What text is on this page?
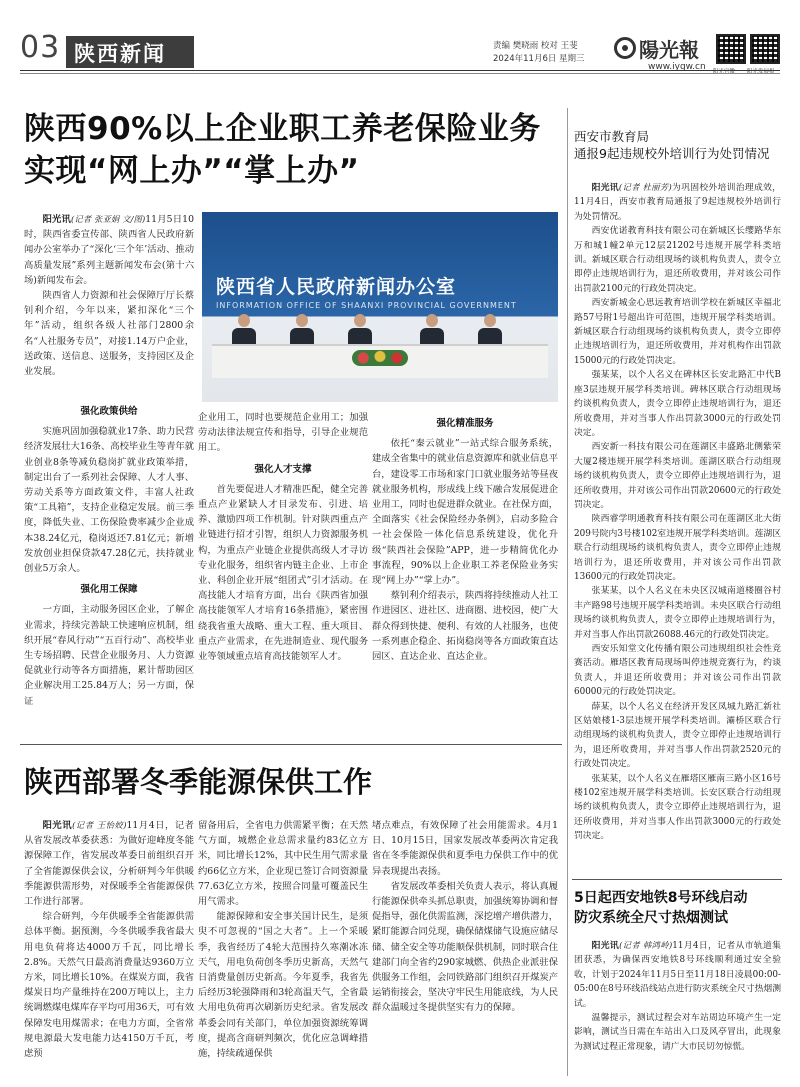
03 陕西新闻	责编 樊晓雨 校对 王斐
2024年11月6日 星期三	陽光報
www.iygw.cn 阳光官微 阳光发展报
陕西90%以上企业职工养老保险业务
实现“网上办”“掌上办”
陕西省人民政府新闻办公室
INFORMATION OFFICE OF SHAANXI PROVINCIAL GOVERNMENT

阳光讯(记者 张亚娟 文/图)11月5日10时，陕西省委宣传部、陕西省人民政府新闻办公室举办了“深化‘三个年’活动、推动高质量发展”系列主题新闻发布会(第十六场)新闻发布会。

陕西省人力资源和社会保障厅厅长蔡钊利介绍，今年以来，紧扣深化“三个年”活动，组织各级人社部门2800余名“人社服务专员”，对接1.14万户企业，送政策、送信息、送服务，支持园区及企业发展。

强化政策供给

实施巩固加强稳就业17条、助力民营经济发展壮大16条、高校毕业生等青年就业创业8条等减负稳岗扩就业政策举措，制定出台了一系列社会保障、人才人事、劳动关系等方面政策文件，丰富人社政策“工具箱”，支持企业稳定发展。前三季度，降低失业、工伤保险费率减少企业成本38.24亿元，稳岗返还7.81亿元；新增发放创业担保贷款47.28亿元，扶持就业创业5万余人。

强化用工保障

一方面，主动服务园区企业，了解企业需求，持续完善缺工快速响应机制，组织开展“春风行动”“五百行动”、高校毕业生专场招聘、民营企业服务月、人力资源促就业行动等各方面措施，累计帮助园区企业解决用工25.84万人；另一方面，保证

企业用工，同时也要规范企业用工；加强劳动法律法规宣传和指导，引导企业规范用工。

强化人才支撑

首先要促进人才精准匹配，健全完善重点产业紧缺人才目录发布、引进、培养、激励四项工作机制。针对陕西重点产业链进行招才引智，组织人力资源服务机构，为重点产业链企业提供高级人才寻访专业化服务，组织省内链主企业、上市企业、科创企业开展“组团式”引才活动。在高技能人才培育方面，出台《陕西省加强高技能领军人才培育16条措施》，紧密围绕我省重大战略、重大工程、重大项目、重点产业需求，在先进制造业、现代服务业等领域重点培育高技能领军人才。

强化精准服务

依托“秦云就业”一站式综合服务系统，建成全省集中的就业信息资源库和就业信息平台，建设零工市场和家门口就业服务站等昼夜就业服务机构，形成线上线下融合发展促进企业用工，同时也促进群众就业。在社保方面，全面落实《社会保险经办条例》，启动多险合一社会保险一体化信息系统建设，优化升级“陕西社会保险”APP，进一步精简优化办事流程，90%以上企业职工养老保险业务实现“网上办”“掌上办”。

蔡钊利介绍表示，陕西将持续推动人社工作进园区、进社区、进商圈、进校园，使广大群众得到快捷、便利、有效的人社服务，也使一系列惠企稳企、拓岗稳岗等各方面政策直达园区、直达企业、直达企业。

陕西部署冬季能源保供工作

阳光讯(记者 王怡姣)11月4日，记者从省发展改革委获悉：为做好迎峰度冬能源保障工作，省发展改革委日前组织召开了全省能源保供会议，分析研判今年供暖季能源供需形势，对保暖季全省能源保供工作进行部署。

综合研判，今年供暖季全省能源供需总体平衡。据预测，今冬供暖季我省最大用电负荷将达4000万千瓦，同比增长2.8%。天然气日最高消费量达9360万立方米，同比增长10%。在煤炭方面，我省煤炭日均产量维持在200万吨以上，主力统调燃煤电煤库存平均可用36天，可有效保障发电用煤需求；在电力方面，全省常规电源最大发电能力达4150万千瓦，考虑预

留备用后，全省电力供需紧平衡；在天然气方面，城燃企业总需求量约83亿立方米，同比增长12%，其中民生用气需求量约66亿立方米，企业现已签订合同资源量77.63亿立方米，按照合同量可覆盖民生用气需求。

能源保障和安全事关国计民生，是须臾不可忽视的“国之大者”。上一个采暖季，我省经历了4轮大范围持久寒潮冰冻天气，用电负荷创冬季历史新高，天然气日消费量创历史新高。今年夏季，我省先后经历3轮强降雨和3轮高温天气，全省最大用电负荷再次刷新历史纪录。省发展改革委会同有关部门，单位加强资源统筹调度，提高含商研判频次，优化应急调峰措施，持续疏通保供

堵点难点，有效保障了社会用能需求。4月1日、10月15日，国家发展改革委两次肯定我省在冬季能源保供和夏季电力保供工作中的优异表现提出表扬。

省发展改革委相关负责人表示，将认真履行能源保供牵头抓总职责，加强统筹协调和督促指导，强化供需监测，深挖增产增供潜力，紧盯能源合同兑现，确保储煤储气设施应储尽储、储全安全等功能顺保供机制，同时联合住建部门向全省约290家城燃、供热企业派驻保供服务工作组，会同铁路部门组织召开煤炭产运销衔接会，坚决守牢民生用能底线，为人民群众温暖过冬提供坚实有力的保障。

西安市教育局
通报9起违规校外培训行为处罚情况

阳光讯(记者 杜丽芳)为巩固校外培训治理成效，11月4日，西安市教育局通报了9起违规校外培训行为处罚情况。

西安优诺教育科技有限公司在新城区长缨路华东万和城1幢2单元12层21202号违规开展学科类培训。新城区联合行动组现场约谈机构负责人，责令立即停止违规培训行为，退还所收费用，并对该公司作出罚款2100元的行政处罚决定。

西安新城金心思远教育培训学校在新城区幸福北路57号附1号超出许可范围，违规开展学科类培训。新城区联合行动组现场约谈机构负责人，责令立即停止违规培训行为，退还所收费用，并对机构作出罚款15000元的行政处罚决定。

强某某，以个人名义在碑林区长安北路汇中代B座3层违规开展学科类培训。碑林区联合行动组现场约谈机构负责人，责令立即停止违规培训行为，退还所收费用，并对当事人作出罚款3000元的行政处罚决定。

西安新一科技有限公司在莲湖区丰盛路北侧紫荣大厦2楼违规开展学科类培训。莲湖区联合行动组现场约谈机构负责人，责令立即停止违规培训行为，退还所收费用，并对该公司作出罚款20600元的行政处罚决定。

陕西睿学明通教育科技有限公司在莲湖区北大街209号院内3号楼102室违规开展学科类培训。莲湖区联合行动组现场约谈机构负责人，责令立即停止违规培训行为，退还所收费用，并对该公司作出罚款13600元的行政处罚决定。

张某某，以个人名义在未央区汉城南道楼圈谷村丰产路98号违规开展学科类培训。未央区联合行动组现场约谈机构负责人，责令立即停止违规培训行为，并对当事人作出罚款26088.46元的行政处罚决定。

西安乐知堂文化传播有限公司违规组织社会性竞赛活动。雁塔区教育局现场叫停违规竞赛行为，约谈负责人，并退还所收费用；并对该公司作出罚款60000元的行政处罚决定。

薛某，以个人名义在经济开发区凤城九路汇新社区姑娘楼1-3层违规开展学科类培训。灞桥区联合行动组现场约谈机构负责人，责令立即停止违规培训行为，退还所收费用，并对当事人作出罚款2520元的行政处罚决定。

张某某，以个人名义在雁塔区雁南三路小区16号楼102室违规开展学科类培训。长安区联合行动组现场约谈机构负责人，责令立即停止违规培训行为，退还所收费用，并对当事人作出罚款3000元的行政处罚决定。

5日起西安地铁8号环线启动
防灾系统全尺寸热烟测试

阳光讯(记者 韩鸿岭)11月4日，记者从市轨道集团获悉，为确保西安地铁8号环线顺利通过安全验收，计划于2024年11月5日至11月18日凌晨00:00-05:00在8号环线沿线站点进行防灾系统全尺寸热烟测试。

温馨提示，测试过程会对车站周边环境产生一定影响，测试当日需在车站出入口及风亭冒出，此现象为测试过程正常现象，请广大市民切勿惊慌。
